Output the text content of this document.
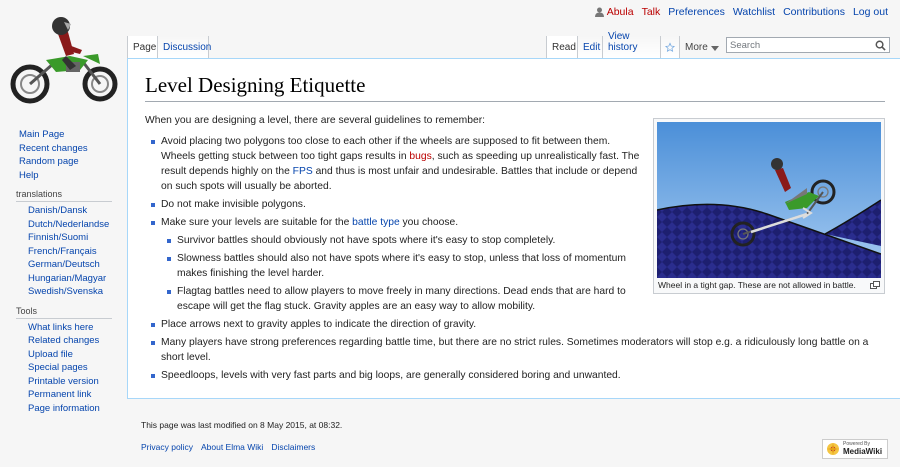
Abula Talk Preferences Watchlist Contributions Log out
Main Page
Recent changes
Random page
Help
translations
Danish/Dansk
Dutch/Nederlandse
Finnish/Suomi
French/Français
German/Deutsch
Hungarian/Magyar
Swedish/Svenska
Tools
What links here
Related changes
Upload file
Special pages
Printable version
Permanent link
Page information
Page Discussion	Read Edit
View history	More
Search
Level Designing Etiquette
Wheel in a tight gap. These are not allowed in battle.

When you are designing a level, there are several guidelines to remember:

Avoid placing two polygons too close to each other if the wheels are supposed to fit between them. Wheels getting stuck between too tight gaps results in bugs, such as speeding up unrealistically fast. The result depends highly on the FPS and thus is most unfair and undesirable. Battles that include or depend on such spots will usually be aborted.
Do not make invisible polygons.
Make sure your levels are suitable for the battle type you choose.
Survivor battles should obviously not have spots where it's easy to stop completely.
Slowness battles should also not have spots where it's easy to stop, unless that loss of momentum makes finishing the level harder.
Flagtag battles need to allow players to move freely in many directions. Dead ends that are hard to escape will get the flag stuck. Gravity apples are an easy way to allow mobility.
Place arrows next to gravity apples to indicate the direction of gravity.
Many players have strong preferences regarding battle time, but there are no strict rules. Sometimes moderators will stop e.g. a ridiculously long battle on a short level.
Speedloops, levels with very fast parts and big loops, are generally considered boring and unwanted.
This page was last modified on 8 May 2015, at 08:32.
Privacy policy About Elma Wiki Disclaimers	Powered By
MediaWiki
